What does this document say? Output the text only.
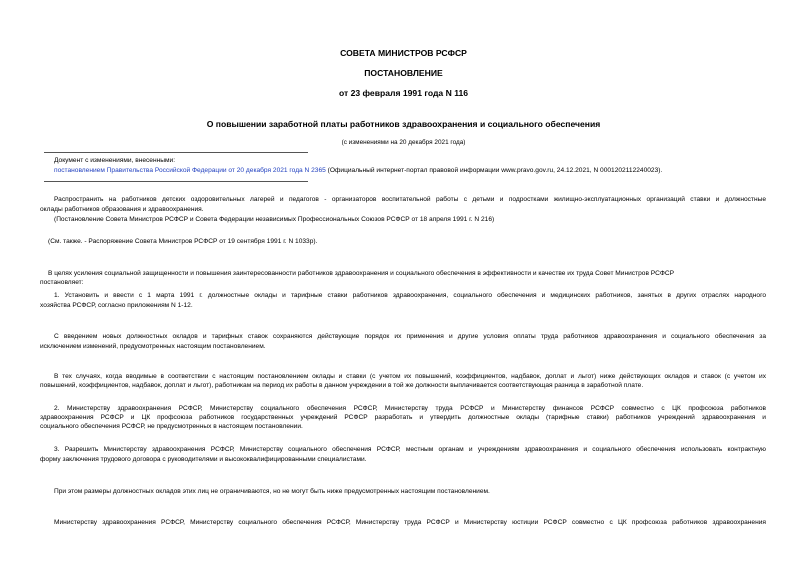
СОВЕТА МИНИСТРОВ РСФСР
ПОСТАНОВЛЕНИЕ
от 23 февраля 1991 года N 116
О повышении заработной платы работников здравоохранения и социального обеспечения
(с изменениями на 20 декабря 2021 года)
Документ с изменениями, внесенными:
постановлением Правительства Российской Федерации от 20 декабря 2021 года N 2365 (Официальный интернет-портал правовой информации www.pravo.gov.ru, 24.12.2021, N 0001202112240023).
Распространить на работников детских оздоровительных лагерей и педагогов - организаторов воспитательной работы с детьми и подростками жилищно-эксплуатационных организаций ставки и должностные
оклады работников образования и здравоохранения.
(Постановление Совета Министров РСФСР и Совета Федерации независимых Профессиональных Союзов РСФСР от 18 апреля 1991 г. N 216)
(См. также. - Распоряжение Совета Министров РСФСР от 19 сентября 1991 г. N 1033р).
В целях усиления социальной защищенности и повышения заинтересованности работников здравоохранения и социального обеспечения в эффективности и качестве их труда Совет Министров РСФСР
постановляет:
1. Установить и ввести с 1 марта 1991 г. должностные оклады и тарифные ставки работников здравоохранения, социального обеспечения и медицинских работников, занятых в других отраслях народного
хозяйства РСФСР, согласно приложениям N 1-12.
С введением новых должностных окладов и тарифных ставок сохраняются действующие порядок их применения и другие условия оплаты труда работников здравоохранения и социального обеспечения за
исключением изменений, предусмотренных настоящим постановлением.
В тех случаях, когда вводимые в соответствии с настоящим постановлением оклады и ставки (с учетом их повышений, коэффициентов, надбавок, доплат и льгот) ниже действующих окладов и ставок (с учетом их
повышений, коэффициентов, надбавок, доплат и льгот), работникам на период их работы в данном учреждении в той же должности выплачивается соответствующая разница в заработной плате.
2. Министерству здравоохранения РСФСР, Министерству социального обеспечения РСФСР, Министерству труда РСФСР и Министерству финансов РСФСР совместно с ЦК профсоюза работников
здравоохранения РСФСР и ЦК профсоюза работников государственных учреждений РСФСР разработать и утвердить должностные оклады (тарифные ставки) работников учреждений здравоохранения и
социального обеспечения РСФСР, не предусмотренных в настоящем постановлении.
3. Разрешить Министерству здравоохранения РСФСР, Министерству социального обеспечения РСФСР, местным органам и учреждениям здравоохранения и социального обеспечения использовать контрактную
форму заключения трудового договора с руководителями и высококвалифицированными специалистами.
При этом размеры должностных окладов этих лиц не ограничиваются, но не могут быть ниже предусмотренных настоящим постановлением.
Министерству здравоохранения РСФСР, Министерству социального обеспечения РСФСР, Министерству труда РСФСР и Министерству юстиции РСФСР совместно с ЦК профсоюза работников здравоохранения
